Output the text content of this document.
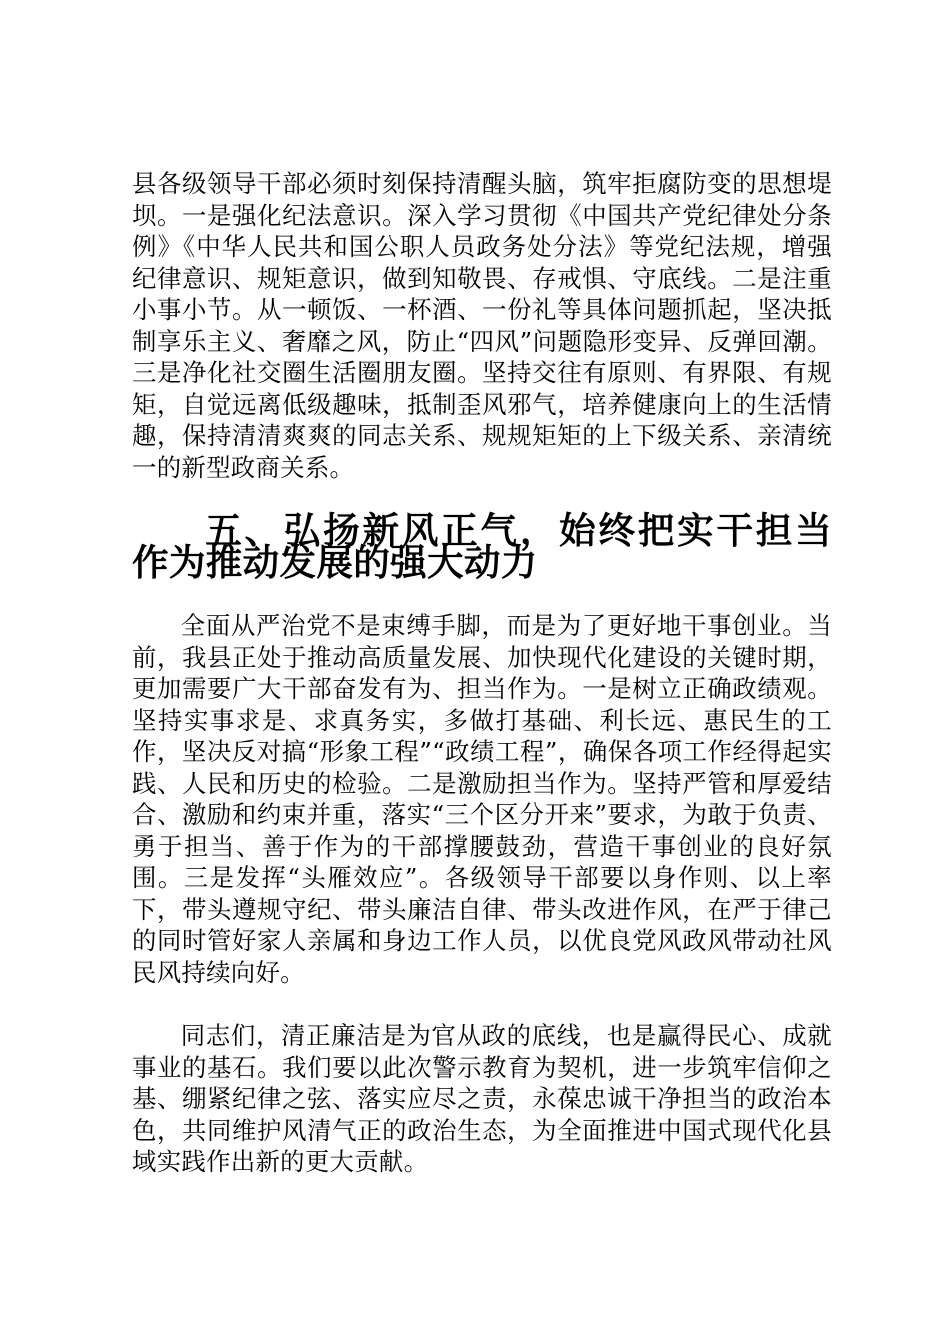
县各级领导干部必须时刻保持清醒头脑，筑牢拒腐防变的思想堤坝。一是强化纪法意识。深入学习贯彻《中国共产党纪律处分条例》《中华人民共和国公职人员政务处分法》等党纪法规，增强纪律意识、规矩意识，做到知敬畏、存戒惧、守底线。二是注重小事小节。从一顿饭、一杯酒、一份礼等具体问题抓起，坚决抵制享乐主义、奢靡之风，防止“四风”问题隐形变异、反弹回潮。三是净化社交圈生活圈朋友圈。坚持交往有原则、有界限、有规矩，自觉远离低级趣味，抵制歪风邪气，培养健康向上的生活情趣，保持清清爽爽的同志关系、规规矩矩的上下级关系、亲清统一的新型政商关系。

五、弘扬新风正气，始终把实干担当作为推动发展的强大动力

全面从严治党不是束缚手脚，而是为了更好地干事创业。当前，我县正处于推动高质量发展、加快现代化建设的关键时期，更加需要广大干部奋发有为、担当作为。一是树立正确政绩观。坚持实事求是、求真务实，多做打基础、利长远、惠民生的工作，坚决反对搞“形象工程”“政绩工程”，确保各项工作经得起实践、人民和历史的检验。二是激励担当作为。坚持严管和厚爱结合、激励和约束并重，落实“三个区分开来”要求，为敢于负责、勇于担当、善于作为的干部撑腰鼓劲，营造干事创业的良好氛围。三是发挥“头雁效应”。各级领导干部要以身作则、以上率下，带头遵规守纪、带头廉洁自律、带头改进作风，在严于律己的同时管好家人亲属和身边工作人员，以优良党风政风带动社风民风持续向好。

同志们，清正廉洁是为官从政的底线，也是赢得民心、成就事业的基石。我们要以此次警示教育为契机，进一步筑牢信仰之基、绷紧纪律之弦、落实应尽之责，永葆忠诚干净担当的政治本色，共同维护风清气正的政治生态，为全面推进中国式现代化县域实践作出新的更大贡献。
